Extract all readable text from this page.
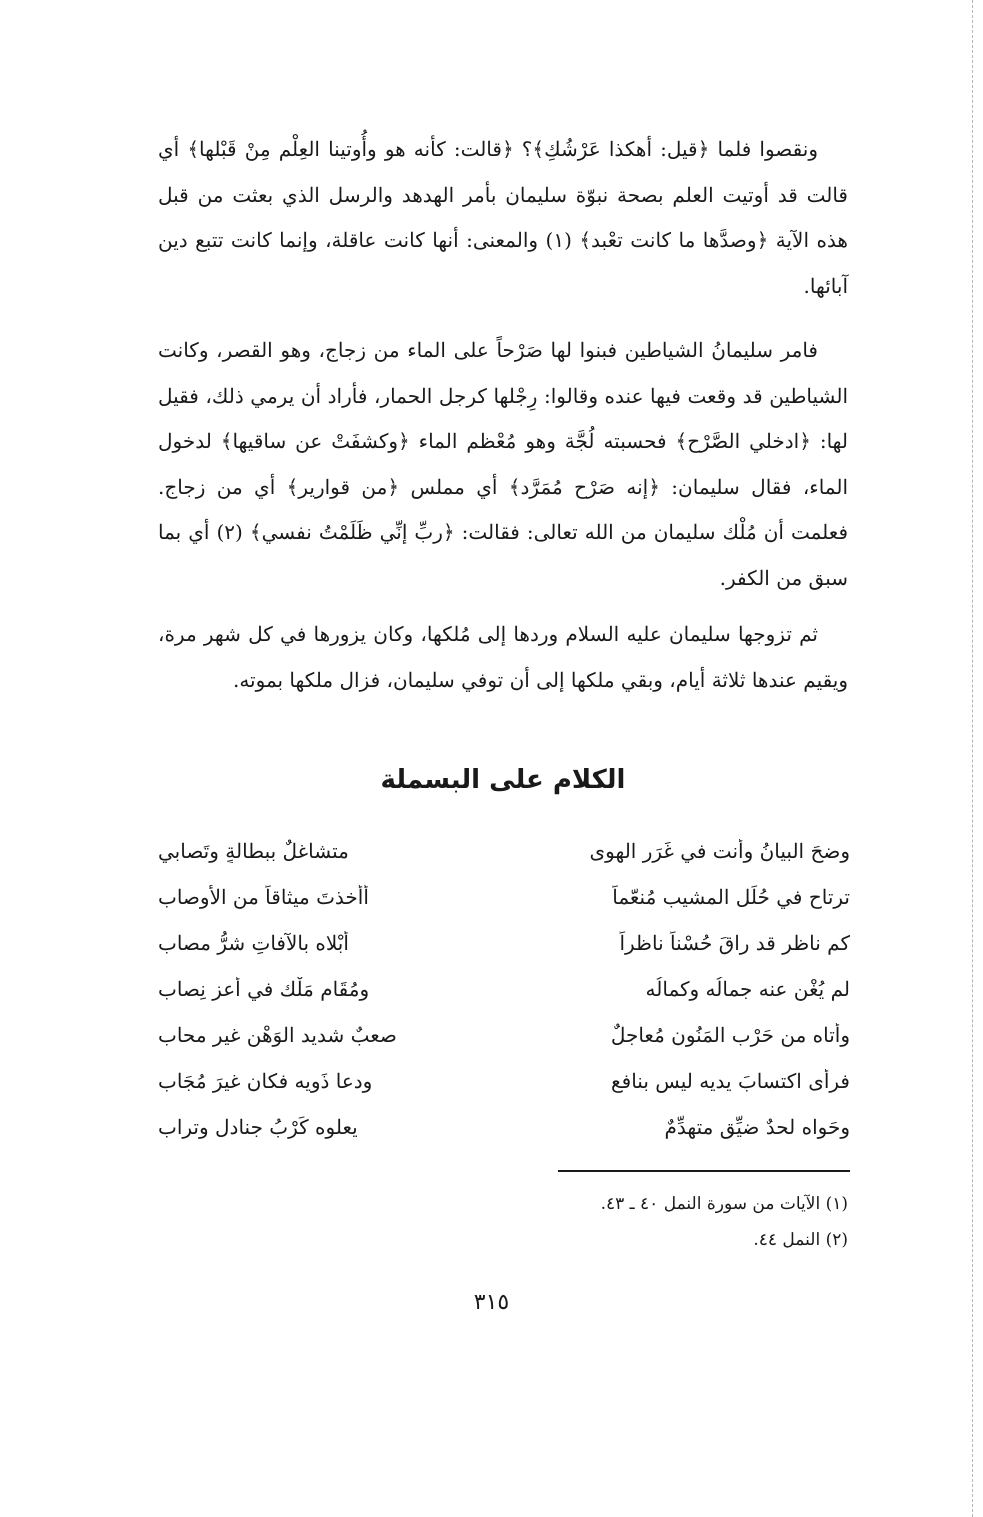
ونقصوا فلما ﴿قيل: أهكذا عَرْشُكِ﴾؟ ﴿قالت: كأنه هو وأُوتينا العِلْم مِنْ قَبْلها﴾ أي قالت قد أوتيت العلم بصحة نبوّة سليمان بأمر الهدهد والرسل الذي بعثت من قبل هذه الآية ﴿وصدَّها ما كانت تعْبد﴾ (١) والمعنى: أنها كانت عاقلة، وإنما كانت تتبع دين آبائها.

فامر سليمانُ الشياطين فبنوا لها صَرْحاً على الماء من زجاج، وهو القصر، وكانت الشياطين قد وقعت فيها عنده وقالوا: رِجْلها كرجل الحمار، فأراد أن يرمي ذلك، فقيل لها: ﴿ادخلي الصَّرْح﴾ فحسبته لُجَّة وهو مُعْظم الماء ﴿وكشفَتْ عن ساقيها﴾ لدخول الماء، فقال سليمان: ﴿إنه صَرْح مُمَرَّد﴾ أي مملس ﴿من قوارير﴾ أي من زجاج. فعلمت أن مُلْك سليمان من الله تعالى: فقالت: ﴿ربِّ إنِّي ظَلَمْتُ نفسي﴾ (٢) أي بما سبق من الكفر.

ثم تزوجها سليمان عليه السلام وردها إلى مُلكها، وكان يزورها في كل شهر مرة، ويقيم عندها ثلاثة أيام، وبقي ملكها إلى أن توفي سليمان، فزال ملكها بموته.

الكلام على البسملة
وضحَ البيانُ وأنت في غَرَر الهوى
متشاغلٌ ببطالةٍ وتَصابي
ترتاح في حُلَل المشيب مُنعّماً
أأخذتَ ميثاقاً من الأوصاب
كم ناظرٍ قد راقَ حُسْناً ناظراً
أبْلاه بالآفاتِ شرُّ مصاب
لم يُغْن عنه جمالُه وكمالُه
ومُقَام مَلْك في أعز نِصاب
وأتاه من حَرْب المَنُون مُعاجلٌ
صعبٌ شديد الوَهْن غير محاب
فرأى اكتسابَ يديه ليس بنافعٍ
ودعا ذَويه فكان غيرَ مُجَاب
وحَواه لحدٌ ضيِّق متهدِّمٌ
يعلوه كَرْبُ جنادل وتراب

(١) الآيات من سورة النمل ٤٠ ـ ٤٣.

(٢) النمل ٤٤.

٣١٥
